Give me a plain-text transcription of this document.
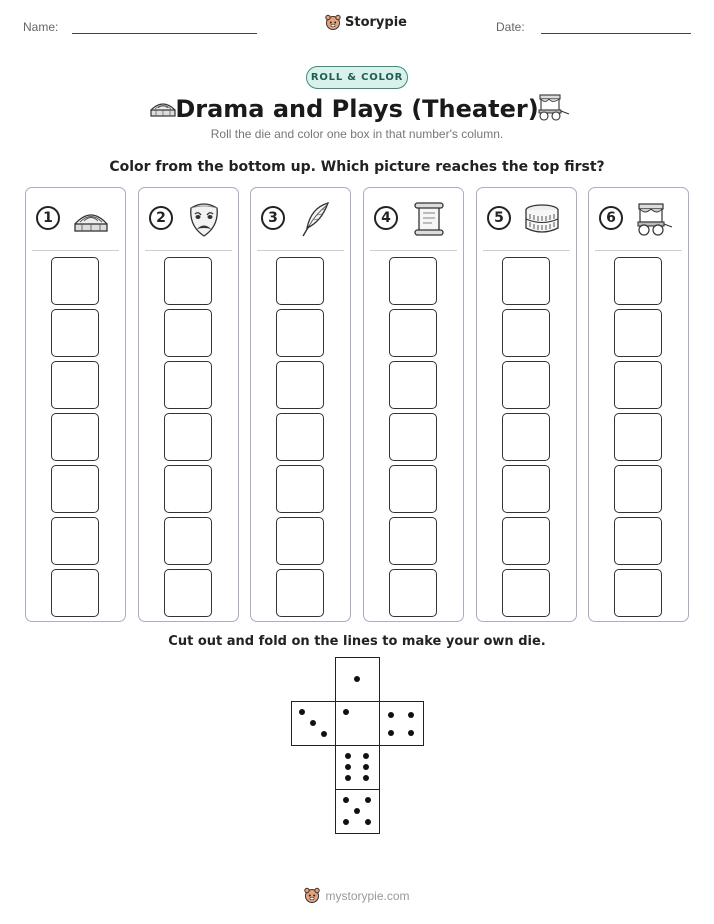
Name:	Storypie	Date:
ROLL & COLOR
Drama and Plays (Theater)
Roll the die and color one box in that number's column.
Color from the bottom up. Which picture reaches the top first?
1	2	3	4	5	6
Cut out and fold on the lines to make your own die.
mystorypie.com
